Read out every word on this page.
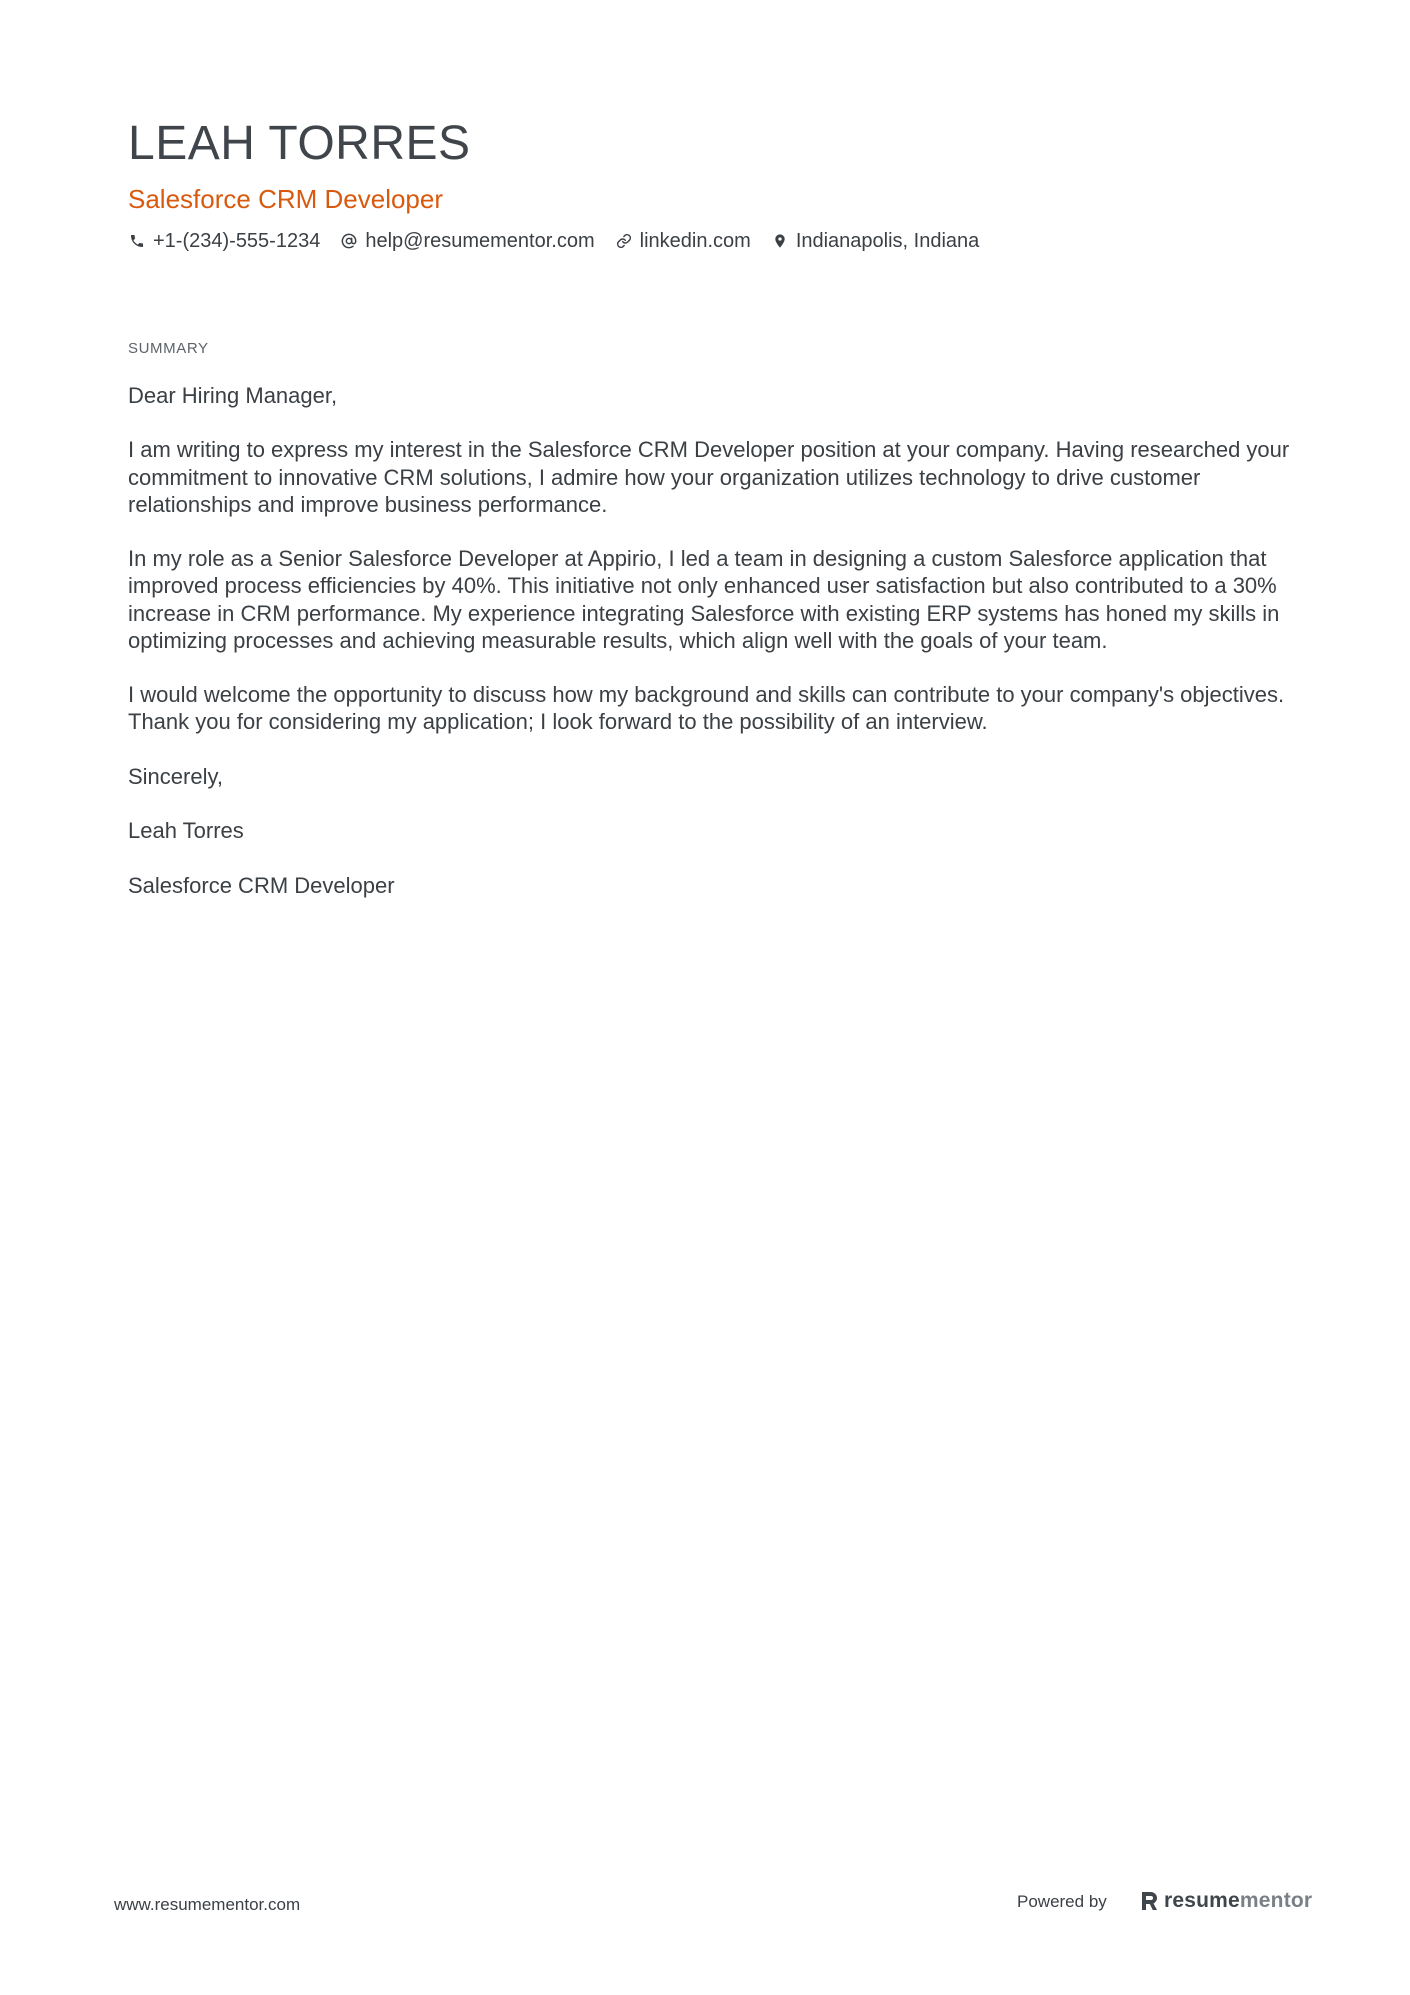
LEAH TORRES
Salesforce CRM Developer
+1-(234)-555-1234 help@resumementor.com linkedin.com Indianapolis, Indiana
SUMMARY

Dear Hiring Manager,

I am writing to express my interest in the Salesforce CRM Developer position at your company. Having researched your commitment to innovative CRM solutions, I admire how your organization utilizes technology to drive customer relationships and improve business performance.

In my role as a Senior Salesforce Developer at Appirio, I led a team in designing a custom Salesforce application that improved process efficiencies by 40%. This initiative not only enhanced user satisfaction but also contributed to a 30% increase in CRM performance. My experience integrating Salesforce with existing ERP systems has honed my skills in optimizing processes and achieving measurable results, which align well with the goals of your team.

I would welcome the opportunity to discuss how my background and skills can contribute to your company's objectives. Thank you for considering my application; I look forward to the possibility of an interview.

Sincerely,

Leah Torres

Salesforce CRM Developer

www.resumementor.com	Powered by	resumementor
